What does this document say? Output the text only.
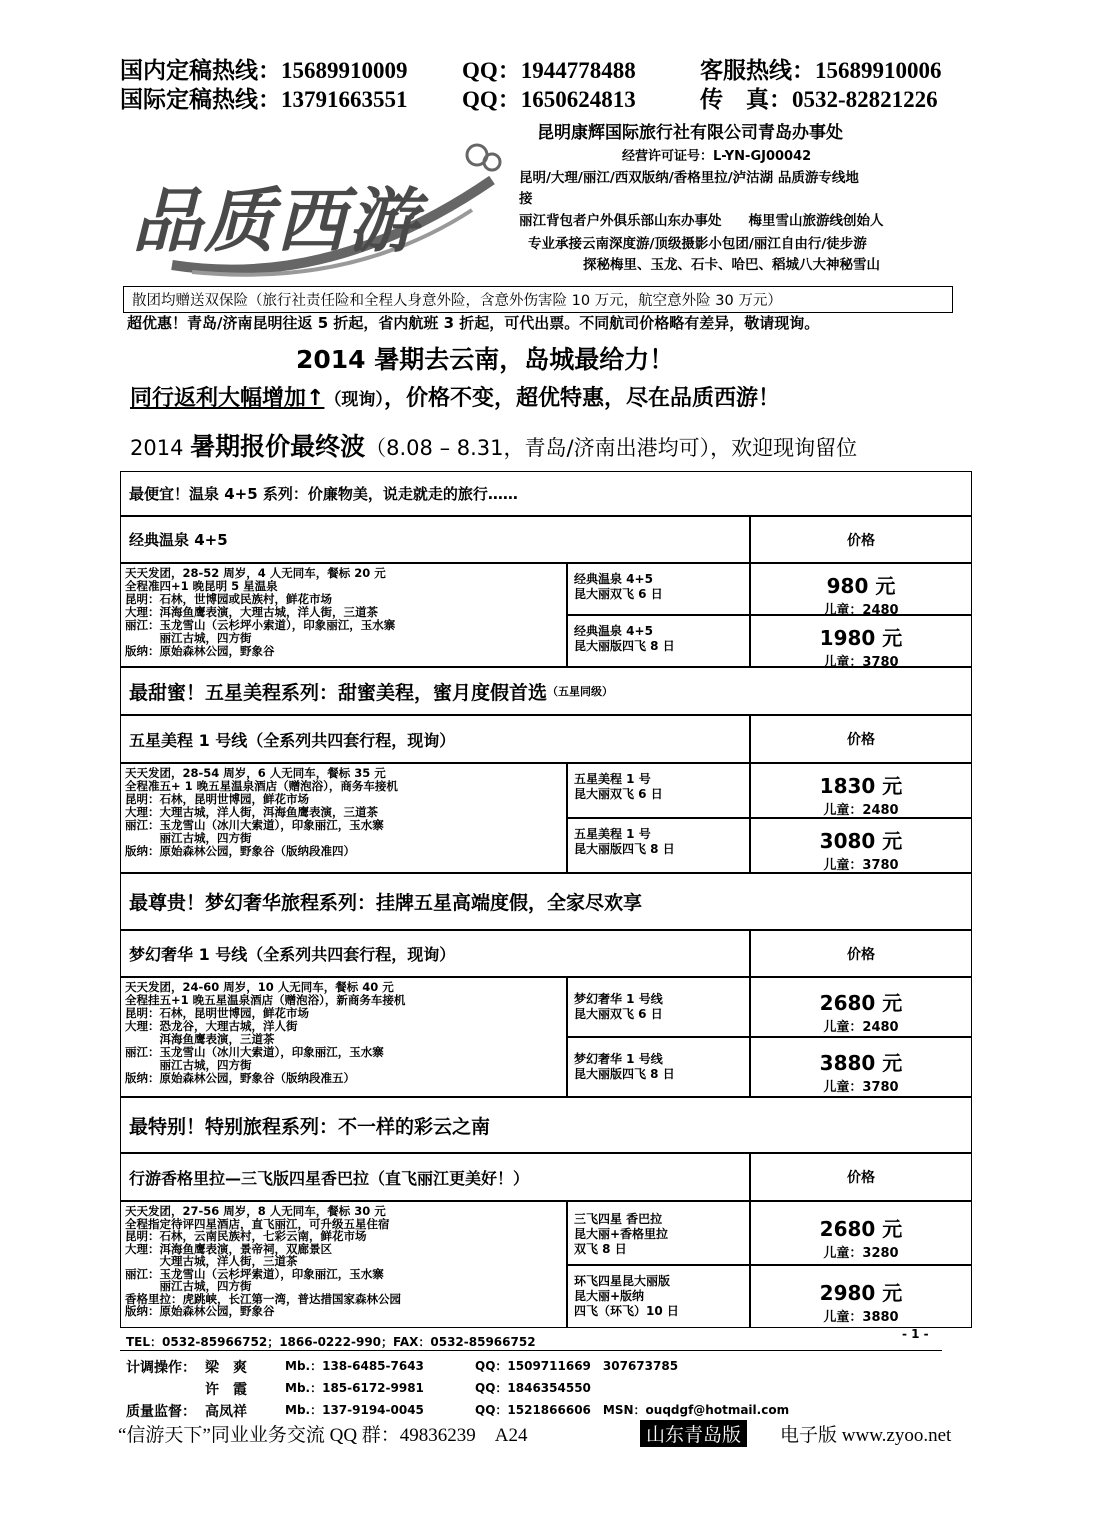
国内定稿热线：15689910009 QQ：1944778488	客服热线：15689910006
国际定稿热线：13791663551 QQ：1650624813	传　真：0532-82821226
品质西游
昆明康辉国际旅行社有限公司青岛办事处
经营许可证号：L-YN-GJ00042
昆明/大理/丽江/西双版纳/香格里拉/泸沽湖 品质游专线地
接
丽江背包者户外俱乐部山东办事处　　梅里雪山旅游线创始人
专业承接云南深度游/顶级摄影小包团/丽江自由行/徒步游
探秘梅里、玉龙、石卡、哈巴、稻城八大神秘雪山
散团均赠送双保险（旅行社责任险和全程人身意外险，含意外伤害险 10 万元，航空意外险 30 万元）
超优惠！青岛/济南昆明往返 5 折起，省内航班 3 折起，可代出票。不同航司价格略有差异，敬请现询。
2014 暑期去云南，岛城最给力！
同行返利大幅增加↑（现询），价格不变，超优特惠，尽在品质西游！
2014 暑期报价最终波（8.08 – 8.31，青岛/济南出港均可），欢迎现询留位
最便宜！温泉 4+5 系列：价廉物美，说走就走的旅行……
经典温泉 4+5	价格
天天发团，28-52 周岁，4 人无同车，餐标 20 元
全程准四+1 晚昆明 5 星温泉
昆明：石林，世博园或民族村，鲜花市场
大理：洱海鱼鹰表演，大理古城，洋人街，三道茶
丽江：玉龙雪山（云杉坪小索道），印象丽江，玉水寨
　　　丽江古城，四方街
版纳：原始森林公园，野象谷
经典温泉 4+5
昆大丽双飞 6 日	980 元
儿童：2480
经典温泉 4+5
昆大丽版四飞 8 日	1980 元
儿童：3780
最甜蜜！五星美程系列：甜蜜美程，蜜月度假首选 （五星同级）
五星美程 1 号线（全系列共四套行程，现询）	价格
天天发团，28-54 周岁，6 人无同车，餐标 35 元
全程准五+ 1 晚五星温泉酒店（赠泡浴），商务车接机
昆明：石林，昆明世博园，鲜花市场
大理：大理古城，洋人街，洱海鱼鹰表演，三道茶
丽江：玉龙雪山（冰川大索道），印象丽江，玉水寨
　　　丽江古城，四方街
版纳：原始森林公园，野象谷（版纳段准四）
五星美程 1 号
昆大丽双飞 6 日	1830 元
儿童：2480
五星美程 1 号
昆大丽版四飞 8 日	3080 元
儿童：3780
最尊贵！梦幻奢华旅程系列：挂牌五星高端度假，全家尽欢享
梦幻奢华 1 号线（全系列共四套行程，现询）	价格
天天发团，24-60 周岁，10 人无同车，餐标 40 元
全程挂五+1 晚五星温泉酒店（赠泡浴），新商务车接机
昆明：石林，昆明世博园，鲜花市场
大理：恐龙谷，大理古城，洋人街
　　　洱海鱼鹰表演，三道茶
丽江：玉龙雪山（冰川大索道），印象丽江，玉水寨
　　　丽江古城，四方街
版纳：原始森林公园，野象谷（版纳段准五）
梦幻奢华 1 号线
昆大丽双飞 6 日	2680 元
儿童：2480
梦幻奢华 1 号线
昆大丽版四飞 8 日	3880 元
儿童：3780
最特别！特别旅程系列：不一样的彩云之南
行游香格里拉—三飞版四星香巴拉（直飞丽江更美好！）	价格
天天发团，27-56 周岁，8 人无同车，餐标 30 元
全程指定待评四星酒店，直飞丽江，可升级五星住宿
昆明：石林，云南民族村，七彩云南，鲜花市场
大理：洱海鱼鹰表演，景帝祠，双廊景区
　　　大理古城，洋人街，三道茶
丽江：玉龙雪山（云杉坪索道），印象丽江，玉水寨
　　　丽江古城，四方街
香格里拉：虎跳峡，长江第一湾，普达措国家森林公园
版纳：原始森林公园，野象谷
三飞四星 香巴拉
昆大丽+香格里拉
双飞 8 日
2680 元
儿童：3280
环飞四星昆大丽版
昆大丽+版纳
四飞（环飞）10 日
2980 元
儿童：3880
TEL：0532-85966752；1866-0222-990；FAX：0532-85966752
- 1 -
计调操作： 梁　爽	Mb.：138-6485-7643	QQ：1509711669　307673785
许　霞	Mb.：185-6172-9981	QQ：1846354550
质量监督： 高凤祥	Mb.：137-9194-0045	QQ：1521866606　MSN：ouqdgf@hotmail.com
“信游天下”同业业务交流 QQ 群：49836239　A24	山东青岛版	电子版 www.zyoo.net
